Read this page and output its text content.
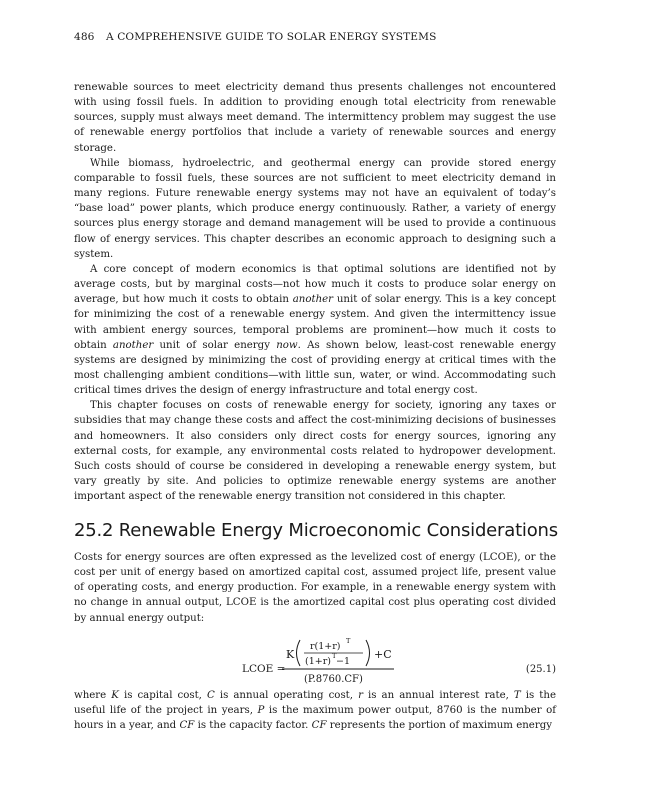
486 A COMPREHENSIVE GUIDE TO SOLAR ENERGY SYSTEMS

renewable sources to meet electricity demand thus presents challenges not encountered with using fossil fuels. In addition to providing enough total electricity from renewable sources, supply must always meet demand. The intermittency problem may suggest the use of renewable energy portfolios that include a variety of renewable sources and energy storage.

While biomass, hydroelectric, and geothermal energy can provide stored energy comparable to fossil fuels, these sources are not sufficient to meet electricity demand in many regions. Future renewable energy systems may not have an equivalent of today’s “base load” power plants, which produce energy continuously. Rather, a variety of energy sources plus energy storage and demand management will be used to provide a continuous flow of energy services. This chapter describes an economic approach to designing such a system.

A core concept of modern economics is that optimal solutions are identified not by average costs, but by marginal costs—not how much it costs to produce solar energy on average, but how much it costs to obtain another unit of solar energy. This is a key concept for minimizing the cost of a renewable energy system. And given the intermittency issue with ambient energy sources, temporal problems are prominent—how much it costs to obtain another unit of solar energy now. As shown below, least-cost renewable energy systems are designed by minimizing the cost of providing energy at critical times with the most challenging ambient conditions—with little sun, water, or wind. Accommodating such critical times drives the design of energy infrastructure and total energy cost.

This chapter focuses on costs of renewable energy for society, ignoring any taxes or subsidies that may change these costs and affect the cost-minimizing decisions of businesses and homeowners. It also considers only direct costs for energy sources, ignoring any external costs, for example, any environmental costs related to hydropower development. Such costs should of course be considered in developing a renewable energy system, but vary greatly by site. And policies to optimize renewable energy systems are another important aspect of the renewable energy transition not considered in this chapter.

25.2 Renewable Energy Microeconomic Considerations

Costs for energy sources are often expressed as the levelized cost of energy (LCOE), or the cost per unit of energy based on amortized capital cost, assumed project life, present value of operating costs, and energy production. For example, in a renewable energy system with no change in annual output, LCOE is the amortized capital cost plus operating cost divided by annual energy output:

LCOE =
K
r(1+r) T
(1+r) T −1
+C
(P.8760.CF)
(25.1)

where K is capital cost, C is annual operating cost, r is an annual interest rate, T is the useful life of the project in years, P is the maximum power output, 8760 is the number of hours in a year, and CF is the capacity factor. CF represents the portion of maximum energy
